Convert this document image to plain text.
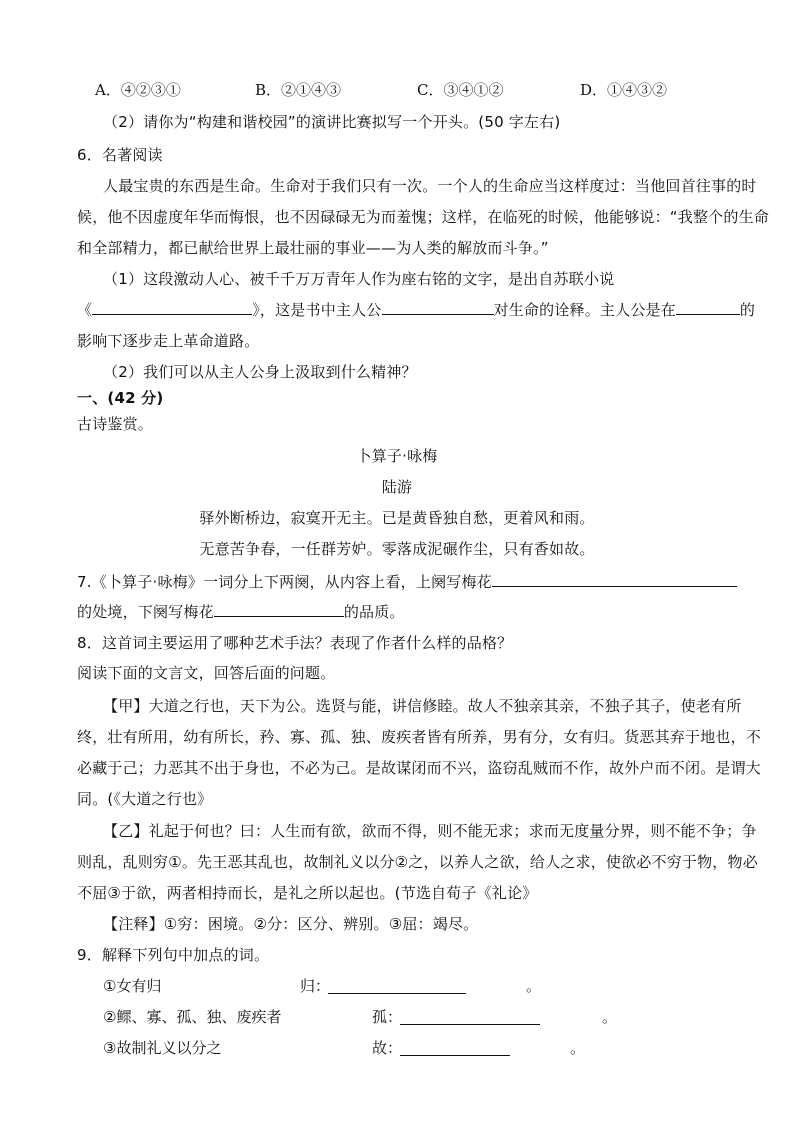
A．④②③①	B．②①④③	C．③④①②	D．①④③②
（2）请你为“构建和谐校园”的演讲比赛拟写一个开头。(50 字左右)
6．名著阅读
人最宝贵的东西是生命。生命对于我们只有一次。一个人的生命应当这样度过：当他回首往事的时
候，他不因虚度年华而悔恨，也不因碌碌无为而羞愧；这样，在临死的时候，他能够说：“我整个的生命
和全部精力，都已献给世界上最壮丽的事业——为人类的解放而斗争。”
（1）这段激动人心、被千千万万青年人作为座右铭的文字，是出自苏联小说
《	》，这是书中主人公	对生命的诠释。主人公是在	的
影响下逐步走上革命道路。
（2）我们可以从主人公身上汲取到什么精神？
一、(42 分)
古诗鉴赏。
卜算子·咏梅
陆游
驿外断桥边，寂寞开无主。已是黄昏独自愁，更着风和雨。
无意苦争春，一任群芳妒。零落成泥碾作尘，只有香如故。
7.《卜算子·咏梅》一词分上下两阕，从内容上看，上阕写梅花
的处境，下阕写梅花	的品质。
8．这首词主要运用了哪种艺术手法？表现了作者什么样的品格？
阅读下面的文言文，回答后面的问题。
【甲】大道之行也，天下为公。选贤与能，讲信修睦。故人不独亲其亲，不独子其子，使老有所
终，壮有所用，幼有所长，矜、寡、孤、独、废疾者皆有所养，男有分，女有归。货恶其弃于地也，不
必藏于己；力恶其不出于身也，不必为己。是故谋闭而不兴，盗窃乱贼而不作，故外户而不闭。是谓大
同。(《大道之行也》
【乙】礼起于何也？曰：人生而有欲，欲而不得，则不能无求；求而无度量分界，则不能不争；争
则乱，乱则穷①。先王恶其乱也，故制礼义以分②之，以养人之欲，给人之求，使欲必不穷于物，物必
不屈③于欲，两者相持而长，是礼之所以起也。(节选自荀子《礼论》
【注释】①穷：困境。②分：区分、辨别。③屈：竭尽。
9．解释下列句中加点的词。
①女有归	归：	。
②鳏、寡、孤、独、废疾者	孤：	。
③故制礼义以分之	故：	。
